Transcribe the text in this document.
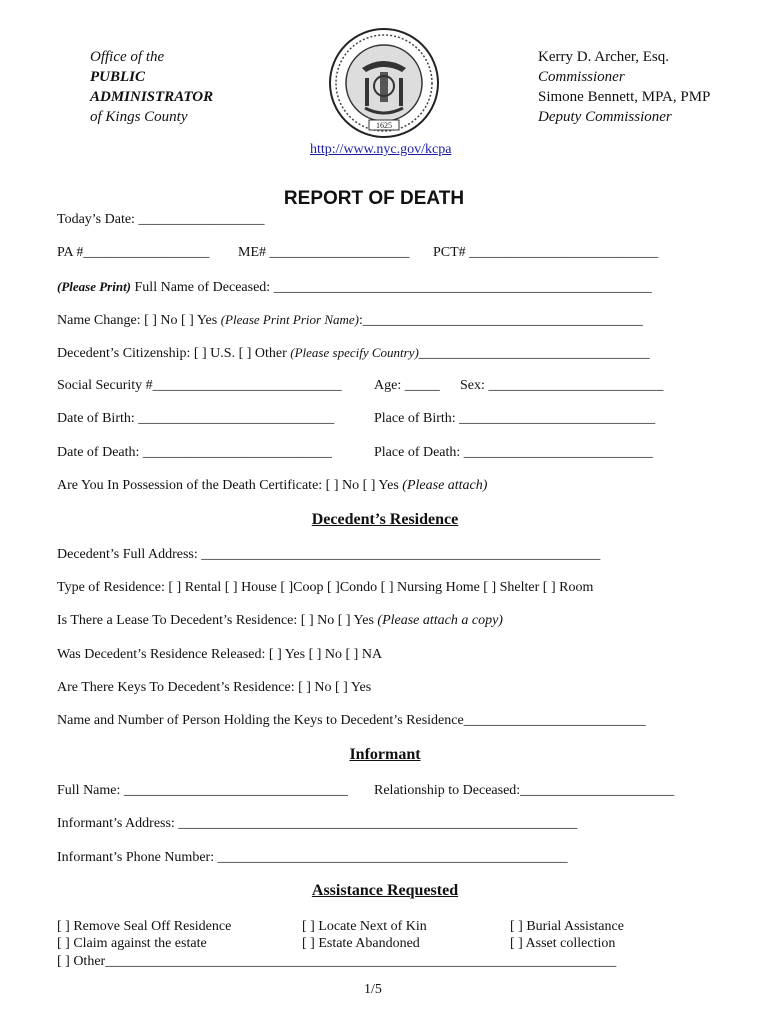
Office of the
PUBLIC
ADMINISTRATOR
of Kings County
1625
Kerry D. Archer, Esq.
Commissioner
Simone Bennett, MPA, PMP
Deputy Commissioner
http://www.nyc.gov/kcpa
REPORT OF DEATH
Today’s Date: __________________
PA #__________________ ME# ____________________ PCT# ___________________________
(Please Print) Full Name of Deceased: ______________________________________________________
Name Change: [ ] No [ ] Yes (Please Print Prior Name):________________________________________
Decedent’s Citizenship: [ ] U.S. [ ] Other (Please specify Country)_________________________________
Social Security #___________________________ Age: _____ Sex: _________________________
Date of Birth: ____________________________	Place of Birth: ____________________________
Date of Death: ___________________________	Place of Death: ___________________________
Are You In Possession of the Death Certificate: [ ] No [ ] Yes (Please attach)
Decedent’s Residence
Decedent’s Full Address: _________________________________________________________
Type of Residence: [ ] Rental [ ] House [ ]Coop [ ]Condo [ ] Nursing Home [ ] Shelter [ ] Room
Is There a Lease To Decedent’s Residence: [ ] No [ ] Yes (Please attach a copy)
Was Decedent’s Residence Released: [ ] Yes [ ] No [ ] NA
Are There Keys To Decedent’s Residence: [ ] No [ ] Yes
Name and Number of Person Holding the Keys to Decedent’s Residence__________________________
Informant
Full Name: ________________________________ Relationship to Deceased:______________________
Informant’s Address: _________________________________________________________
Informant’s Phone Number: __________________________________________________
Assistance Requested
[ ] Remove Seal Off Residence
[ ] Claim against the estate
[ ] Locate Next of Kin
[ ] Estate Abandoned
[ ] Burial Assistance
[ ] Asset collection
[ ] Other_________________________________________________________________________
1/5
